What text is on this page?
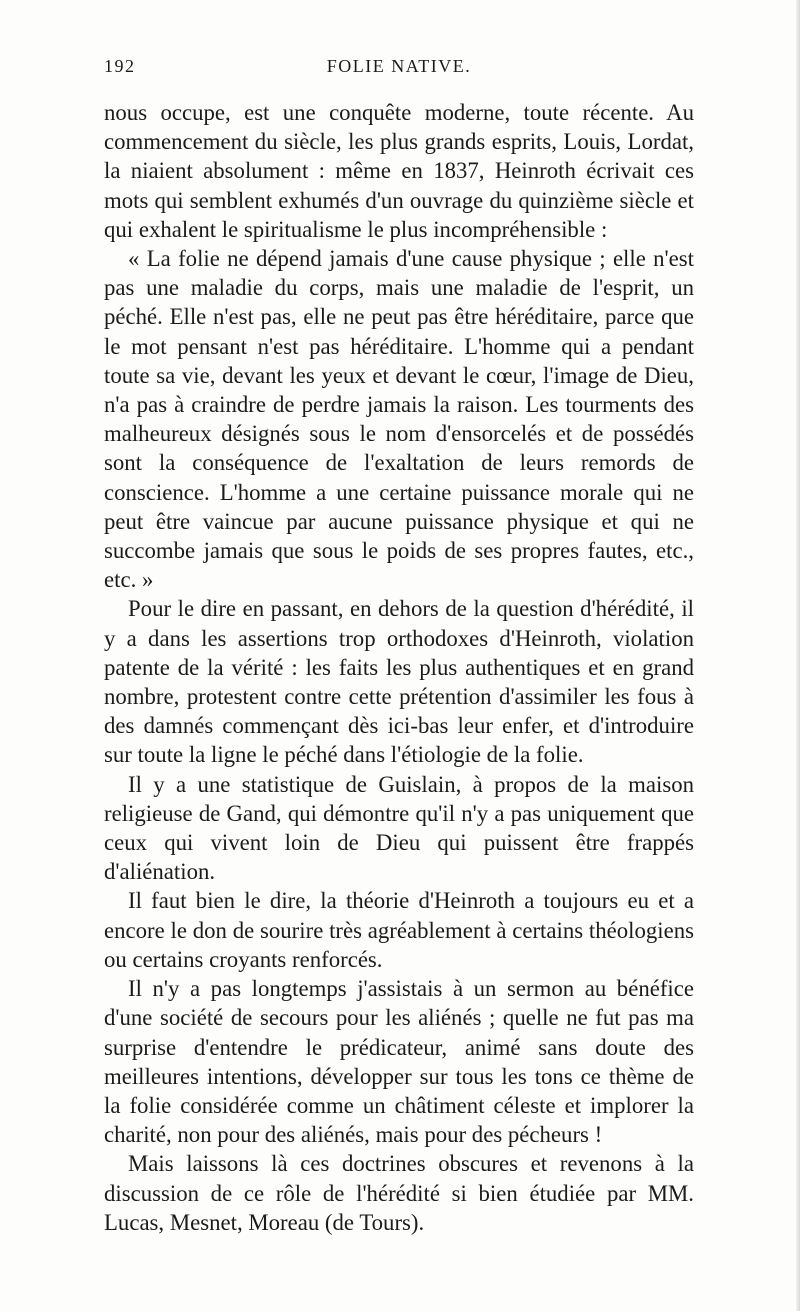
192	FOLIE NATIVE.

nous occupe, est une conquête moderne, toute récente. Au commencement du siècle, les plus grands esprits, Louis, Lordat, la niaient absolument : même en 1837, Heinroth écrivait ces mots qui semblent exhumés d'un ouvrage du quinzième siècle et qui exhalent le spiritualisme le plus incompréhensible :

« La folie ne dépend jamais d'une cause physique ; elle n'est pas une maladie du corps, mais une maladie de l'esprit, un péché. Elle n'est pas, elle ne peut pas être héréditaire, parce que le mot pensant n'est pas héréditaire. L'homme qui a pendant toute sa vie, devant les yeux et devant le cœur, l'image de Dieu, n'a pas à craindre de perdre jamais la raison. Les tourments des malheureux désignés sous le nom d'ensorcelés et de possédés sont la conséquence de l'exaltation de leurs remords de conscience. L'homme a une certaine puissance morale qui ne peut être vaincue par aucune puissance physique et qui ne succombe jamais que sous le poids de ses propres fautes, etc., etc. »

Pour le dire en passant, en dehors de la question d'hérédité, il y a dans les assertions trop orthodoxes d'Heinroth, violation patente de la vérité : les faits les plus authentiques et en grand nombre, protestent contre cette prétention d'assimiler les fous à des damnés commençant dès ici-bas leur enfer, et d'introduire sur toute la ligne le péché dans l'étiologie de la folie.

Il y a une statistique de Guislain, à propos de la maison religieuse de Gand, qui démontre qu'il n'y a pas uniquement que ceux qui vivent loin de Dieu qui puissent être frappés d'aliénation.

Il faut bien le dire, la théorie d'Heinroth a toujours eu et a encore le don de sourire très agréablement à certains théologiens ou certains croyants renforcés.

Il n'y a pas longtemps j'assistais à un sermon au bénéfice d'une société de secours pour les aliénés ; quelle ne fut pas ma surprise d'entendre le prédicateur, animé sans doute des meilleures intentions, développer sur tous les tons ce thème de la folie considérée comme un châtiment céleste et implorer la charité, non pour des aliénés, mais pour des pécheurs !

Mais laissons là ces doctrines obscures et revenons à la discussion de ce rôle de l'hérédité si bien étudiée par MM. Lucas, Mesnet, Moreau (de Tours).
